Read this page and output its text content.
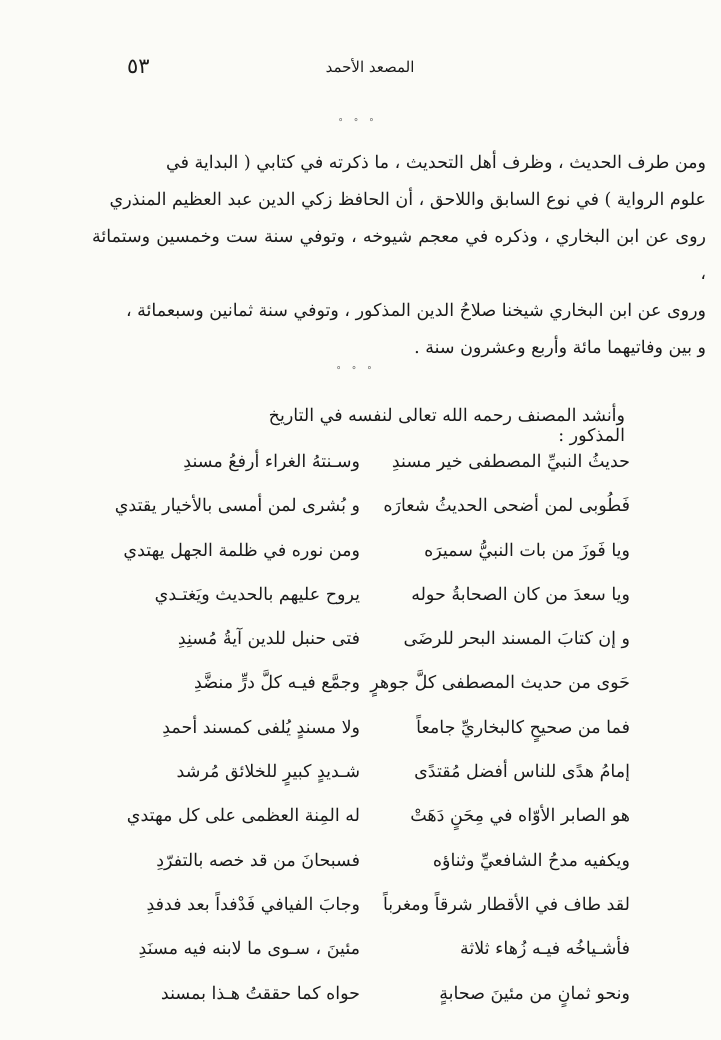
٥٣	المصعد الأحمد
° ° °
ومن طرف الحديث ، وظرف أهل التحديث ، ما ذكرته في كتابي ( البداية في
علوم الرواية ) في نوع السابق واللاحق ، أن الحافظ زكي الدين عبد العظيم المنذري
روى عن ابن البخاري ، وذكره في معجم شيوخه ، وتوفي سنة ست وخمسين وستمائة ،
وروى عن ابن البخاري شيخنا صلاحُ الدين المذكور ، وتوفي سنة ثمانين وسبعمائة ،
و بين وفاتيهما مائة وأربع وعشرون سنة .
° ° °

وأنشد المصنف رحمه الله تعالى لنفسه في التاريخ المذكور :

حديثُ النبيِّ المصطفى خير مسندِ
وسـنتهُ الغراء أرفعُ مسندِ
فَطُوبى لمن أضحى الحديثُ شعارَه
و بُشرى لمن أمسى بالأخيار يقتدي
ويا فَوزَ من بات النبيُّ سميرَه
ومن نوره في ظلمة الجهل يهتدي
ويا سعدَ من كان الصحابةُ حوله
يروح عليهم بالحديث ويَغتـدي
و إن كتابَ المسند البحر للرضَى
فتى حنبل للدين آيةُ مُسنِدِ
حَوى من حديث المصطفى كلَّ جوهرٍ
وجمَّع فيـه كلَّ درٍّ منضَّدِ
فما من صحيحٍ كالبخاريِّ جامعاً
ولا مسندٍ يُلفى كمسند أحمدِ
إمامُ هدًى للناس أفضل مُقتدًى
شـديدٍ كبيرٍ للخلائق مُرشد
هو الصابر الأوّاه في مِحَنٍ دَهَتْ
له المِنة العظمى على كل مهتدي
ويكفيه مدحُ الشافعيِّ وثناؤه
فسبحانَ من قد خصه بالتفرّدِ
لقد طاف في الأقطار شرقاً ومغرباً
وجابَ الفيافي فَدْفداً بعد فدفدِ
فأشـياخُه فيـه زُهاء ثلاثة
مئينَ ، سـوى ما لابنه فيه مسنَدِ
ونحو ثمانٍ من مئينَ صحابةٍ
حواه كما حققتُ هـذا بمسند
